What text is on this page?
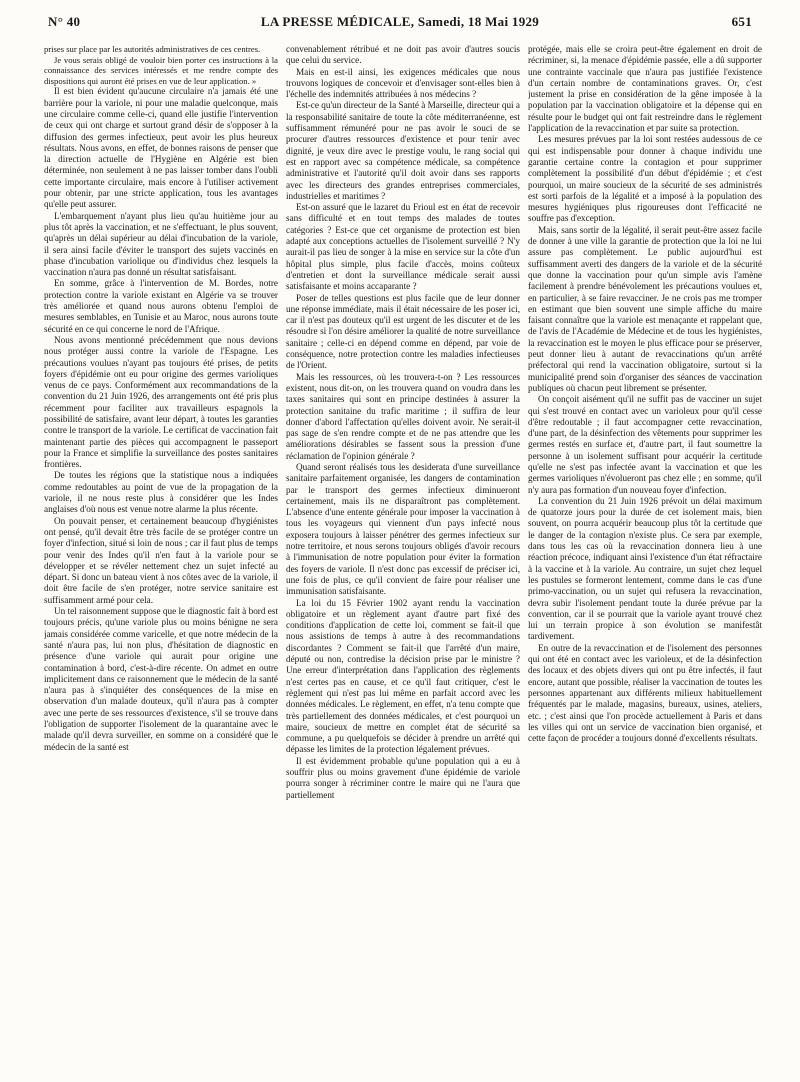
N° 40	LA PRESSE MÉDICALE, Samedi, 18 Mai 1929	651

prises sur place par les autorités administratives de ces centres.

Je vous serais obligé de vouloir bien porter ces instructions à la connaissance des services intéressés et me rendre compte des dispositions qui auront été prises en vue de leur application. »

Il est bien évident qu'aucune circulaire n'a jamais été une barrière pour la variole, ni pour une maladie quelconque, mais une circulaire comme celle-ci, quand elle justifie l'intervention de ceux qui ont charge et surtout grand désir de s'opposer à la diffusion des germes infectieux, peut avoir les plus heureux résultats. Nous avons, en effet, de bonnes raisons de penser que la direction actuelle de l'Hygiène en Algérie est bien déterminée, non seulement à ne pas laisser tomber dans l'oubli cette importante circulaire, mais encore à l'utiliser activement pour obtenir, par une stricte application, tous les avantages qu'elle peut assurer.

L'embarquement n'ayant plus lieu qu'au huitième jour au plus tôt après la vaccination, et ne s'effectuant, le plus souvent, qu'après un délai supérieur au délai d'incubation de la variole, il sera ainsi facile d'éviter le transport des sujets vaccinés en phase d'incubation variolique ou d'individus chez lesquels la vaccination n'aura pas donné un résultat satisfaisant.

En somme, grâce à l'intervention de M. Bordes, notre protection contre la variole existant en Algérie va se trouver très améliorée et quand nous aurons obtenu l'emploi de mesures semblables, en Tunisie et au Maroc, nous aurons toute sécurité en ce qui concerne le nord de l'Afrique.

Nous avons mentionné précédemment que nous devions nous protéger aussi contre la variole de l'Espagne. Les précautions voulues n'ayant pas toujours été prises, de petits foyers d'épidémie ont eu pour origine des germes varioliques venus de ce pays. Conformément aux recommandations de la convention du 21 Juin 1926, des arrangements ont été pris plus récemment pour faciliter aux travailleurs espagnols la possibilité de satisfaire, avant leur départ, à toutes les garanties contre le transport de la variole. Le certificat de vaccination fait maintenant partie des pièces qui accompagnent le passeport pour la France et simplifie la surveillance des postes sanitaires frontières.

De toutes les régions que la statistique nous a indiquées comme redoutables au point de vue de la propagation de la variole, il ne nous reste plus à considérer que les Indes anglaises d'où nous est venue notre alarme la plus récente.

On pouvait penser, et certainement beaucoup d'hygiénistes ont pensé, qu'il devait être très facile de se protéger contre un foyer d'infection, situé si loin de nous ; car il faut plus de temps pour venir des Indes qu'il n'en faut à la variole pour se développer et se révéler nettement chez un sujet infecté au départ. Si donc un bateau vient à nos côtes avec de la variole, il doit être facile de s'en protéger, notre service sanitaire est suffisamment armé pour cela.

Un tel raisonnement suppose que le diagnostic fait à bord est toujours précis, qu'une variole plus ou moins bénigne ne sera jamais considérée comme varicelle, et que notre médecin de la santé n'aura pas, lui non plus, d'hésitation de diagnostic en présence d'une variole qui aurait pour origine une contamination à bord, c'est-à-dire récente. On admet en outre implicitement dans ce raisonnement que le médecin de la santé n'aura pas à s'inquiéter des conséquences de la mise en observation d'un malade douteux, qu'il n'aura pas à compter avec une perte de ses ressources d'existence, s'il se trouve dans l'obligation de supporter l'isolement de la quarantaine avec le malade qu'il devra surveiller, en somme on a considéré que le médecin de la santé est

convenablement rétribué et ne doit pas avoir d'autres soucis que celui du service.

Mais en est-il ainsi, les exigences médicales que nous trouvons logiques de concevoir et d'envisager sont-elles bien à l'échelle des indemnités attribuées à nos médecins ?

Est-ce qu'un directeur de la Santé à Marseille, directeur qui a la responsabilité sanitaire de toute la côte méditerranéenne, est suffisamment rémunéré pour ne pas avoir le souci de se procurer d'autres ressources d'existence et pour tenir avec dignité, je veux dire avec le prestige voulu, le rang social qui est en rapport avec sa compétence médicale, sa compétence administrative et l'autorité qu'il doit avoir dans ses rapports avec les directeurs des grandes entreprises commerciales, industrielles et maritimes ?

Est-on assuré que le lazaret du Frioul est en état de recevoir sans difficulté et en tout temps des malades de toutes catégories ? Est-ce que cet organisme de protection est bien adapté aux conceptions actuelles de l'isolement surveillé ? N'y aurait-il pas lieu de songer à la mise en service sur la côte d'un hôpital plus simple, plus facile d'accès, moins coûteux d'entretien et dont la surveillance médicale serait aussi satisfaisante et moins accaparante ?

Poser de telles questions est plus facile que de leur donner une réponse immédiate, mais il était nécessaire de les poser ici, car il n'est pas douteux qu'il est urgent de les discuter et de les résoudre si l'on désire améliorer la qualité de notre surveillance sanitaire ; celle-ci en dépend comme en dépend, par voie de conséquence, notre protection contre les maladies infectieuses de l'Orient.

Mais les ressources, où les trouvera-t-on ? Les ressources existent, nous dit-on, on les trouvera quand on voudra dans les taxes sanitaires qui sont en principe destinées à assurer la protection sanitaine du trafic maritime ; il suffira de leur donner d'abord l'affectation qu'elles doivent avoir. Ne serait-il pas sage de s'en rendre compte et de ne pas attendre que les améliorations désirables se fassent sous la pression d'une réclamation de l'opinion générale ?

Quand seront réalisés tous les desiderata d'une surveillance sanitaire parfaitement organisée, les dangers de contamination par le transport des germes infectieux diminueront certainement, mais ils ne disparaîtront pas complètement. L'absence d'une entente générale pour imposer la vaccination à tous les voyageurs qui viennent d'un pays infecté nous exposera toujours à laisser pénétrer des germes infectieux sur notre territoire, et nous serons toujours obligés d'avoir recours à l'immunisation de notre population pour éviter la formation des foyers de variole. Il n'est donc pas excessif de préciser ici, une fois de plus, ce qu'il convient de faire pour réaliser une immunisation satisfaisante.

La loi du 15 Février 1902 ayant rendu la vaccination obligatoire et un règlement ayant d'autre part fixé des conditions d'application de cette loi, comment se fait-il que nous assistions de temps à autre à des recommandations discordantes ? Comment se fait-il que l'arrêté d'un maire, député ou non, contredise la décision prise par le ministre ? Une erreur d'interprétation dans l'application des règlements n'est certes pas en cause, et ce qu'il faut critiquer, c'est le règlement qui n'est pas lui même en parfait accord avec les données médicales. Le règlement, en effet, n'a tenu compte que très partiellement des données médicales, et c'est pourquoi un maire, soucieux de mettre en complet état de sécurité sa commune, a pu quelquefois se décider à prendre un arrêté qui dépasse les limites de la protection légalement prévues.

Il est évidemment probable qu'une population qui a eu à souffrir plus ou moins gravement d'une épidémie de variole pourra songer à récriminer contre le maire qui ne l'aura que partiellement

protégée, mais elle se croira peut-être également en droit de récriminer, si, la menace d'épidémie passée, elle a dû supporter une contrainte vaccinale que n'aura pas justifiée l'existence d'un certain nombre de contaminations graves. Or, c'est justement la prise en considération de la gêne imposée à la population par la vaccination obligatoire et la dépense qui en résulte pour le budget qui ont fait restreindre dans le règlement l'application de la revaccination et par suite sa protection.

Les mesures prévues par la loi sont restées audessous de ce qui est indispensable pour donner à chaque individu une garantie certaine contre la contagion et pour supprimer complètement la possibilité d'un début d'épidémie ; et c'est pourquoi, un maire soucieux de la sécurité de ses administrés est sorti parfois de la légalité et a imposé à la population des mesures hygiéniques plus rigoureuses dont l'efficacité ne souffre pas d'exception.

Mais, sans sortir de la légalité, il serait peut-être assez facile de donner à une ville la garantie de protection que la loi ne lui assure pas complètement. Le public aujourd'hui est suffisamment averti des dangers de la variole et de la sécurité que donne la vaccination pour qu'un simple avis l'amène facilement à prendre bénévolement les précautions voulues et, en particulier, à se faire revacciner. Je ne crois pas me tromper en estimant que bien souvent une simple affiche du maire faisant connaître que la variole est menaçante et rappelant que, de l'avis de l'Académie de Médecine et de tous les hygiénistes, la revaccination est le moyen le plus efficace pour se préserver, peut donner lieu à autant de revaccinations qu'un arrêté préfectoral qui rend la vaccination obligatoire, surtout si la municipalité prend soin d'organiser des séances de vaccination publiques où chacun peut librement se présenter.

On conçoit aisément qu'il ne suffit pas de vacciner un sujet qui s'est trouvé en contact avec un varioleux pour qu'il cesse d'être redoutable ; il faut accompagner cette revaccination, d'une part, de la désinfection des vêtements pour supprimer les germes restés en surface et, d'autre part, il faut soumettre la personne à un isolement suffisant pour acquérir la certitude qu'elle ne s'est pas infectée avant la vaccination et que les germes varioliques n'évolueront pas chez elle ; en somme, qu'il n'y aura pas formation d'un nouveau foyer d'infection.

La convention du 21 Juin 1926 prévoit un délai maximum de quatorze jours pour la durée de cet isolement mais, bien souvent, on pourra acquérir beaucoup plus tôt la certitude que le danger de la contagion n'existe plus. Ce sera par exemple, dans tous les cas où la revaccination donnera lieu à une réaction précoce, indiquant ainsi l'existence d'un état réfractaire à la vaccine et à la variole. Au contraire, un sujet chez lequel les pustules se formeront lentement, comme dans le cas d'une primo-vaccination, ou un sujet qui refusera la revaccination, devra subir l'isolement pendant toute la durée prévue par la convention, car il se pourrait que la variole ayant trouvé chez lui un terrain propice à son évolution se manifestât tardivement.

En outre de la revaccination et de l'isolement des personnes qui ont été en contact avec les varioleux, et de la désinfection des locaux et des objets divers qui ont pu être infectés, il faut encore, autant que possible, réaliser la vaccination de toutes les personnes appartenant aux différents milieux habituellement fréquentés par le malade, magasins, bureaux, usines, ateliers, etc. ; c'est ainsi que l'on procède actuellement à Paris et dans les villes qui ont un service de vaccination bien organisé, et cette façon de procéder a toujours donné d'excellents résultats.
